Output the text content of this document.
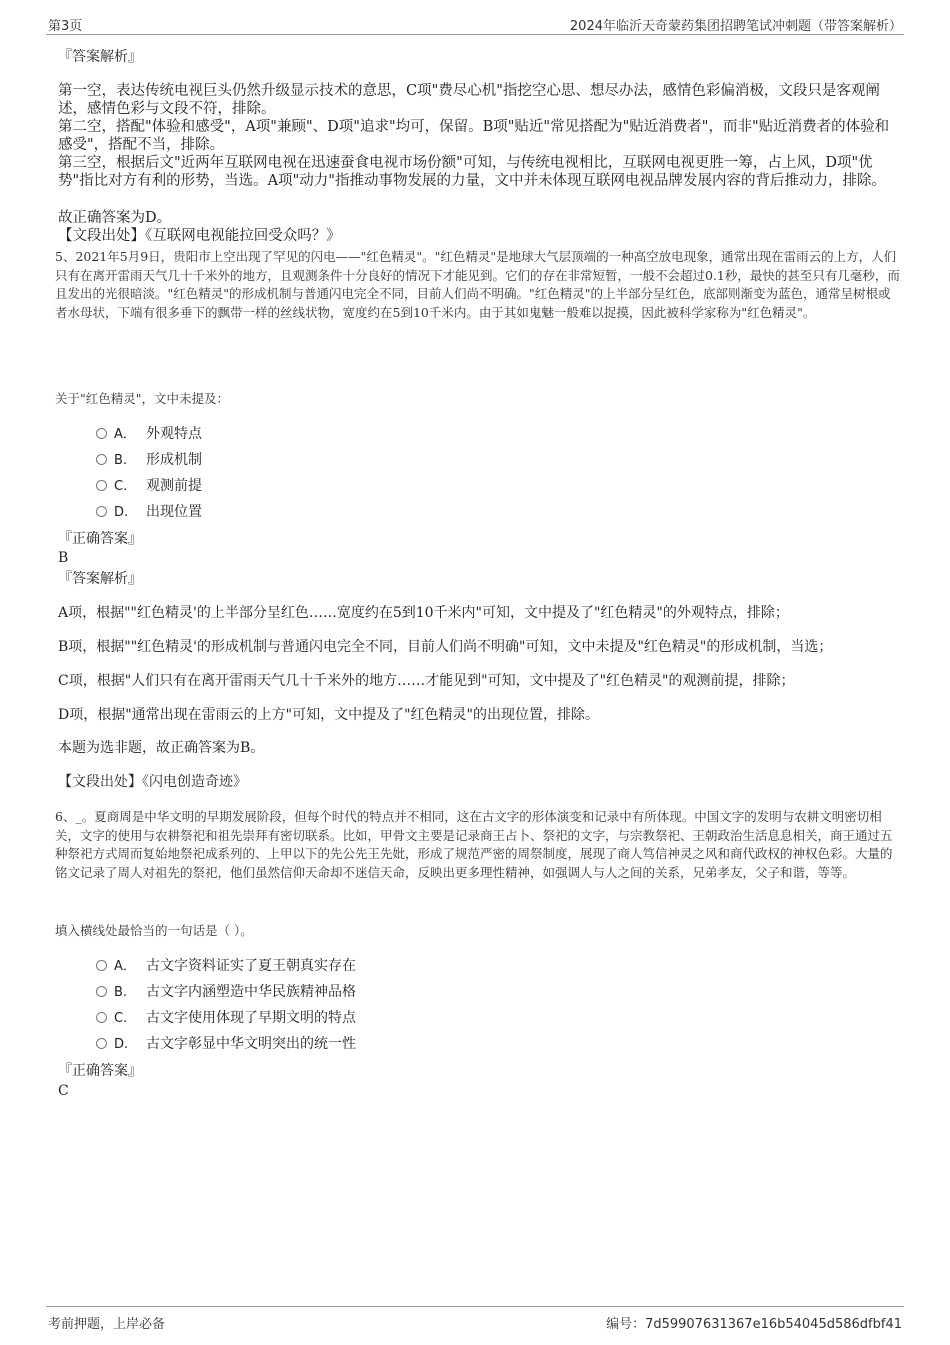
第3页	2024年临沂天奇蒙药集团招聘笔试冲刺题（带答案解析）
『答案解析』
第一空，表达传统电视巨头仍然升级显示技术的意思，C项"费尽心机"指挖空心思、想尽办法，感情色彩偏消极，文段只是客观阐述，感情色彩与文段不符，排除。
第二空，搭配"体验和感受"，A项"兼顾"、D项"追求"均可，保留。B项"贴近"常见搭配为"贴近消费者"，而非"贴近消费者的体验和感受"，搭配不当，排除。
第三空，根据后文"近两年互联网电视在迅速蚕食电视市场份额"可知，与传统电视相比，互联网电视更胜一筹，占上风，D项"优势"指比对方有利的形势，当选。A项"动力"指推动事物发展的力量，文中并未体现互联网电视品牌发展内容的背后推动力，排除。
故正确答案为D。
【文段出处】《互联网电视能拉回受众吗？》
5、2021年5月9日，贵阳市上空出现了罕见的闪电——"红色精灵"。"红色精灵"是地球大气层顶端的一种高空放电现象，通常出现在雷雨云的上方，人们只有在离开雷雨天气几十千米外的地方，且观测条件十分良好的情况下才能见到。它们的存在非常短暂，一般不会超过0.1秒，最快的甚至只有几毫秒，而且发出的光很暗淡。"红色精灵"的形成机制与普通闪电完全不同，目前人们尚不明确。"红色精灵"的上半部分呈红色，底部则渐变为蓝色，通常呈树根或者水母状，下端有很多垂下的飘带一样的丝线状物，宽度约在5到10千米内。由于其如鬼魅一般难以捉摸，因此被科学家称为"红色精灵"。
关于"红色精灵"，文中未提及：
A． 外观特点
B. 形成机制
C. 观测前提
D. 出现位置
『正确答案』
B
『答案解析』
A项，根据""红色精灵'的上半部分呈红色……宽度约在5到10千米内"可知，文中提及了"红色精灵"的外观特点，排除；
B项，根据""红色精灵'的形成机制与普通闪电完全不同，目前人们尚不明确"可知，文中未提及"红色精灵"的形成机制，当选；
C项，根据"人们只有在离开雷雨天气几十千米外的地方……才能见到"可知，文中提及了"红色精灵"的观测前提，排除；
D项，根据"通常出现在雷雨云的上方"可知，文中提及了"红色精灵"的出现位置，排除。
本题为选非题，故正确答案为B。
【文段出处】《闪电创造奇迹》
6、_。夏商周是中华文明的早期发展阶段，但每个时代的特点并不相同，这在古文字的形体演变和记录中有所体现。中国文字的发明与农耕文明密切相关，文字的使用与农耕祭祀和祖先崇拜有密切联系。比如，甲骨文主要是记录商王占卜、祭祀的文字，与宗教祭祀、王朝政治生活息息相关，商王通过五种祭祀方式周而复始地祭祀成系列的、上甲以下的先公先王先妣，形成了规范严密的周祭制度，展现了商人笃信神灵之风和商代政权的神权色彩。大量的铭文记录了周人对祖先的祭祀，他们虽然信仰天命却不迷信天命，反映出更多理性精神，如强调人与人之间的关系，兄弟孝友，父子和谐，等等。
填入横线处最恰当的一句话是（ ）。
A． 古文字资料证实了夏王朝真实存在
B. 古文字内涵塑造中华民族精神品格
C. 古文字使用体现了早期文明的特点
D. 古文字彰显中华文明突出的统一性
『正确答案』
C
考前押题，上岸必备	编号：7d59907631367e16b54045d586dfbf41
